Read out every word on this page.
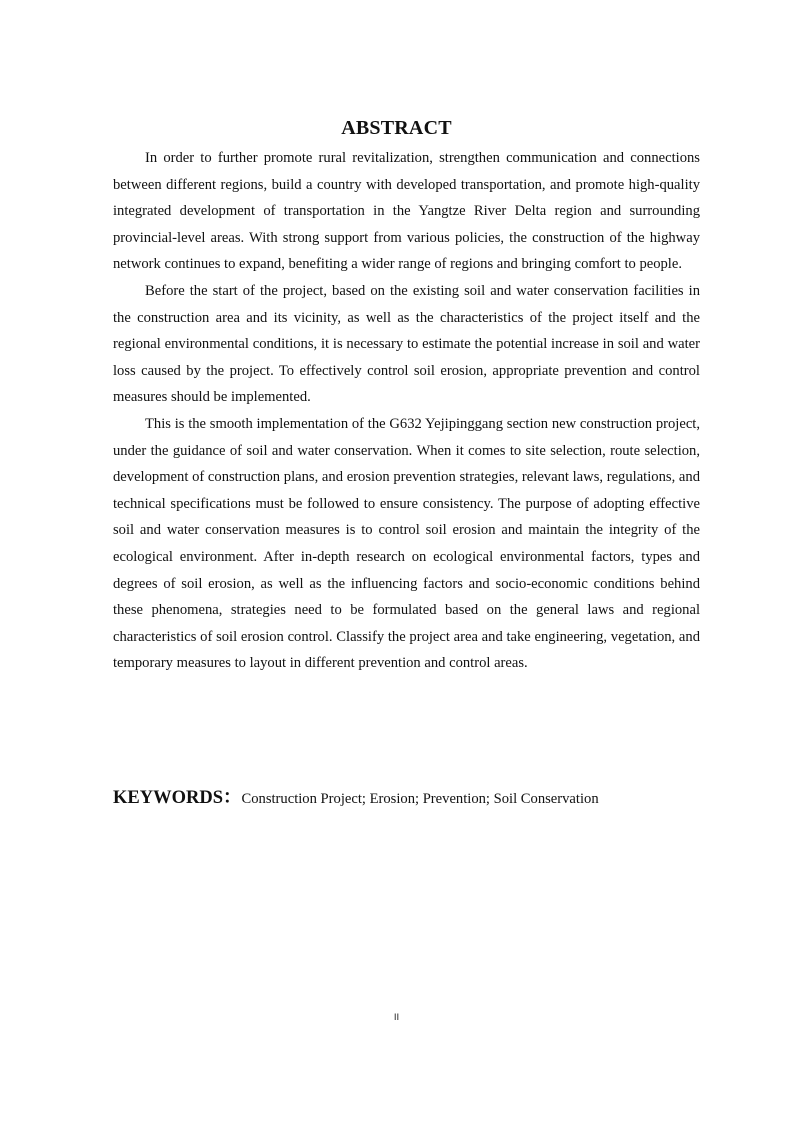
ABSTRACT

In order to further promote rural revitalization, strengthen communication and connections between different regions, build a country with developed transportation, and promote high-quality integrated development of transportation in the Yangtze River Delta region and surrounding provincial-level areas. With strong support from various policies, the construction of the highway network continues to expand, benefiting a wider range of regions and bringing comfort to people.

Before the start of the project, based on the existing soil and water conservation facilities in the construction area and its vicinity, as well as the characteristics of the project itself and the regional environmental conditions, it is necessary to estimate the potential increase in soil and water loss caused by the project. To effectively control soil erosion, appropriate prevention and control measures should be implemented.

This is the smooth implementation of the G632 Yejipinggang section new construction project, under the guidance of soil and water conservation. When it comes to site selection, route selection, development of construction plans, and erosion prevention strategies, relevant laws, regulations, and technical specifications must be followed to ensure consistency. The purpose of adopting effective soil and water conservation measures is to control soil erosion and maintain the integrity of the ecological environment. After in-depth research on ecological environmental factors, types and degrees of soil erosion, as well as the influencing factors and socio-economic conditions behind these phenomena, strategies need to be formulated based on the general laws and regional characteristics of soil erosion control. Classify the project area and take engineering, vegetation, and temporary measures to layout in different prevention and control areas.

KEYWORDS：Construction Project; Erosion; Prevention; Soil Conservation
II
